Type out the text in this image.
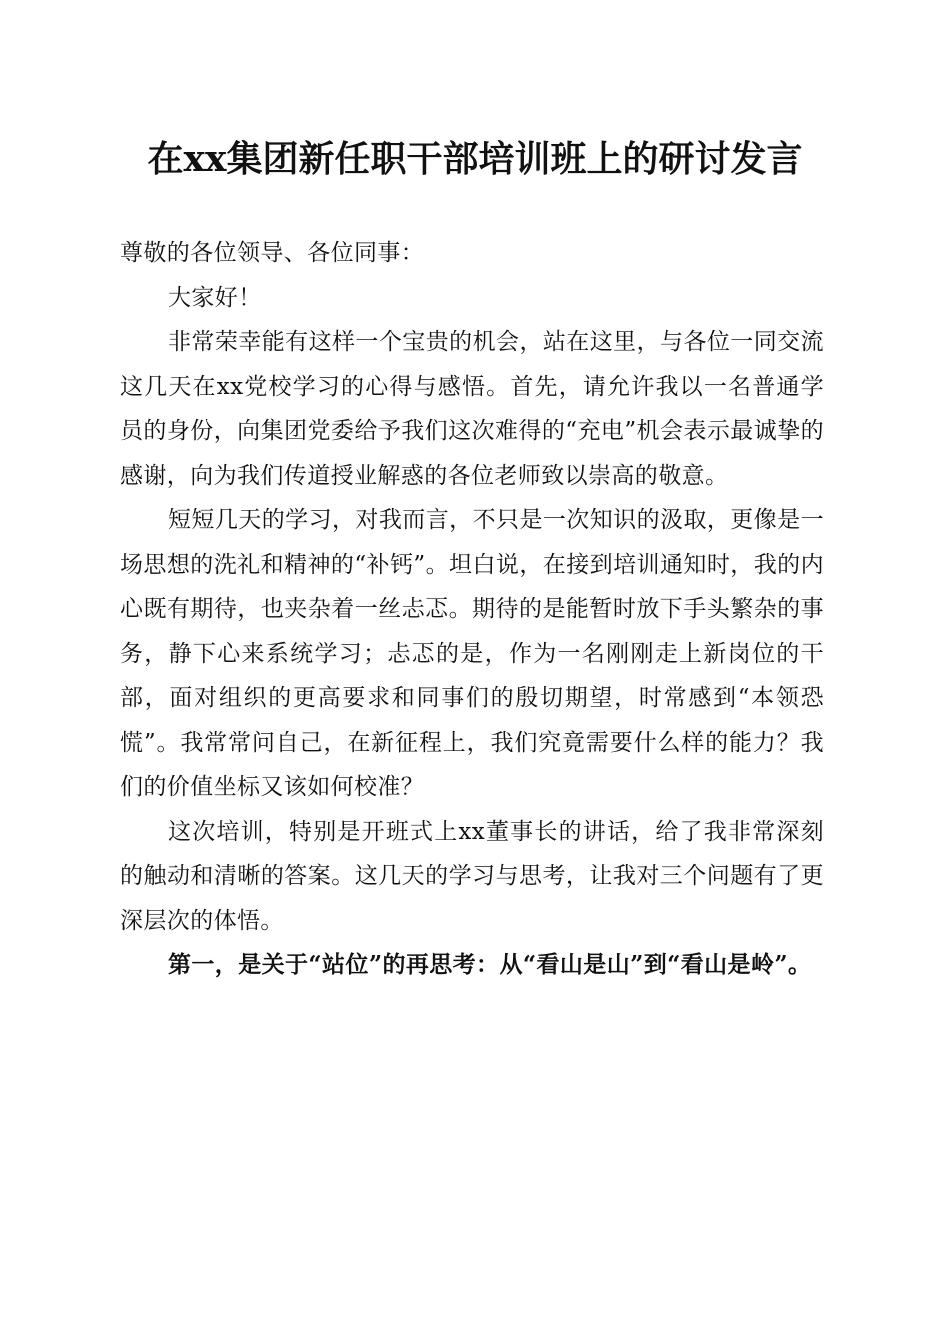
在xx集团新任职干部培训班上的研讨发言

尊敬的各位领导、各位同事：

大家好！

非常荣幸能有这样一个宝贵的机会，站在这里，与各位一同交流这几天在xx党校学习的心得与感悟。首先，请允许我以一名普通学员的身份，向集团党委给予我们这次难得的“充电”机会表示最诚挚的感谢，向为我们传道授业解惑的各位老师致以崇高的敬意。

短短几天的学习，对我而言，不只是一次知识的汲取，更像是一场思想的洗礼和精神的“补钙”。坦白说，在接到培训通知时，我的内心既有期待，也夹杂着一丝忐忑。期待的是能暂时放下手头繁杂的事务，静下心来系统学习；忐忑的是，作为一名刚刚走上新岗位的干部，面对组织的更高要求和同事们的殷切期望，时常感到“本领恐慌”。我常常问自己，在新征程上，我们究竟需要什么样的能力？我们的价值坐标又该如何校准？

这次培训，特别是开班式上xx董事长的讲话，给了我非常深刻的触动和清晰的答案。这几天的学习与思考，让我对三个问题有了更深层次的体悟。

第一，是关于“站位”的再思考：从“看山是山”到“看山是岭”。
